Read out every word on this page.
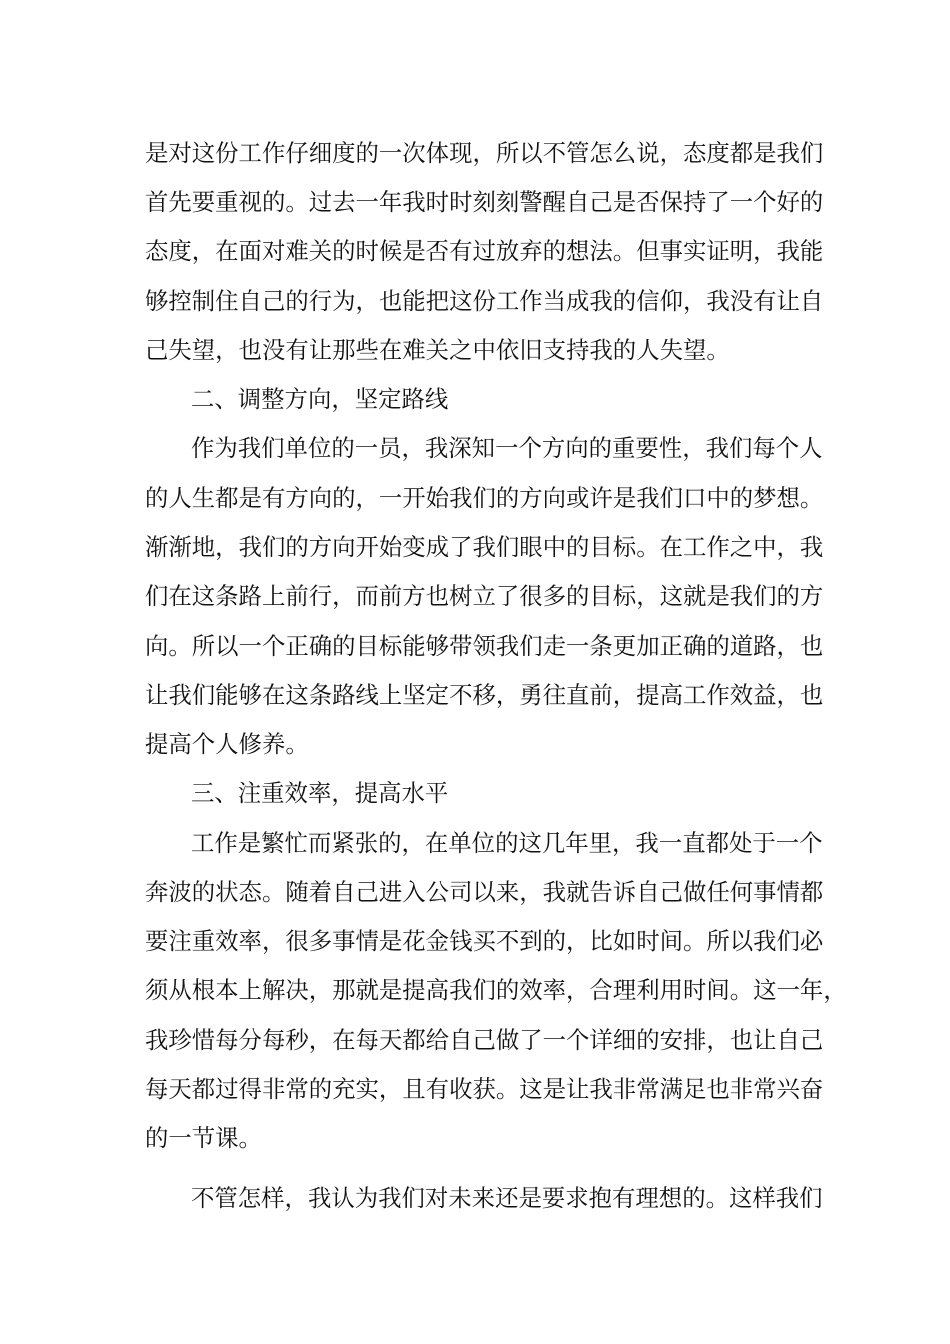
是对这份工作仔细度的一次体现，所以不管怎么说，态度都是我们
首先要重视的。过去一年我时时刻刻警醒自己是否保持了一个好的
态度，在面对难关的时候是否有过放弃的想法。但事实证明，我能
够控制住自己的行为，也能把这份工作当成我的信仰，我没有让自
己失望，也没有让那些在难关之中依旧支持我的人失望。
二、调整方向，坚定路线
作为我们单位的一员，我深知一个方向的重要性，我们每个人
的人生都是有方向的，一开始我们的方向或许是我们口中的梦想。
渐渐地，我们的方向开始变成了我们眼中的目标。在工作之中，我
们在这条路上前行，而前方也树立了很多的目标，这就是我们的方
向。所以一个正确的目标能够带领我们走一条更加正确的道路，也
让我们能够在这条路线上坚定不移，勇往直前，提高工作效益，也
提高个人修养。
三、注重效率，提高水平
工作是繁忙而紧张的，在单位的这几年里，我一直都处于一个
奔波的状态。随着自己进入公司以来，我就告诉自己做任何事情都
要注重效率，很多事情是花金钱买不到的，比如时间。所以我们必
须从根本上解决，那就是提高我们的效率，合理利用时间。这一年，
我珍惜每分每秒，在每天都给自己做了一个详细的安排，也让自己
每天都过得非常的充实，且有收获。这是让我非常满足也非常兴奋
的一节课。
不管怎样，我认为我们对未来还是要求抱有理想的。这样我们
